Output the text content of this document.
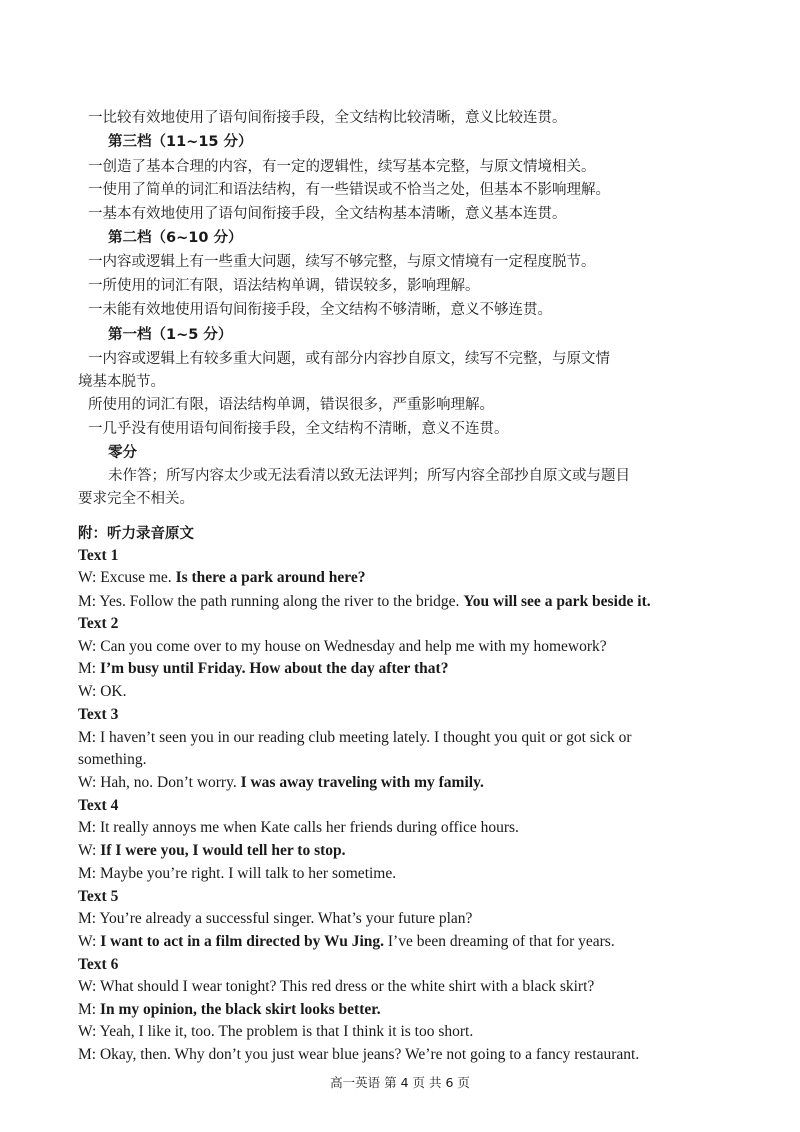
一比较有效地使用了语句间衔接手段，全文结构比较清晰，意义比较连贯。
第三档（11~15 分）
一创造了基本合理的内容，有一定的逻辑性，续写基本完整，与原文情境相关。
一使用了简单的词汇和语法结构，有一些错误或不恰当之处，但基本不影响理解。
一基本有效地使用了语句间衔接手段，全文结构基本清晰，意义基本连贯。
第二档（6~10 分）
一内容或逻辑上有一些重大问题，续写不够完整，与原文情境有一定程度脱节。
一所使用的词汇有限，语法结构单调，错误较多，影响理解。
一未能有效地使用语句间衔接手段，全文结构不够清晰，意义不够连贯。
第一档（1~5 分）
一内容或逻辑上有较多重大问题，或有部分内容抄自原文，续写不完整，与原文情
境基本脱节。
所使用的词汇有限，语法结构单调，错误很多，严重影响理解。
一几乎没有使用语句间衔接手段，全文结构不清晰，意义不连贯。
零分
未作答；所写内容太少或无法看清以致无法评判；所写内容全部抄自原文或与题目
要求完全不相关。
附：听力录音原文
Text 1
W: Excuse me. Is there a park around here?
M: Yes. Follow the path running along the river to the bridge. You will see a park beside it.
Text 2
W: Can you come over to my house on Wednesday and help me with my homework?
M: I’m busy until Friday. How about the day after that?
W: OK.
Text 3
M: I haven’t seen you in our reading club meeting lately. I thought you quit or got sick or
something.
W: Hah, no. Don’t worry. I was away traveling with my family.
Text 4
M: It really annoys me when Kate calls her friends during office hours.
W: If I were you, I would tell her to stop.
M: Maybe you’re right. I will talk to her sometime.
Text 5
M: You’re already a successful singer. What’s your future plan?
W: I want to act in a film directed by Wu Jing. I’ve been dreaming of that for years.
Text 6
W: What should I wear tonight? This red dress or the white shirt with a black skirt?
M: In my opinion, the black skirt looks better.
W: Yeah, I like it, too. The problem is that I think it is too short.
M: Okay, then. Why don’t you just wear blue jeans? We’re not going to a fancy restaurant.
高一英语 第 4 页 共 6 页
